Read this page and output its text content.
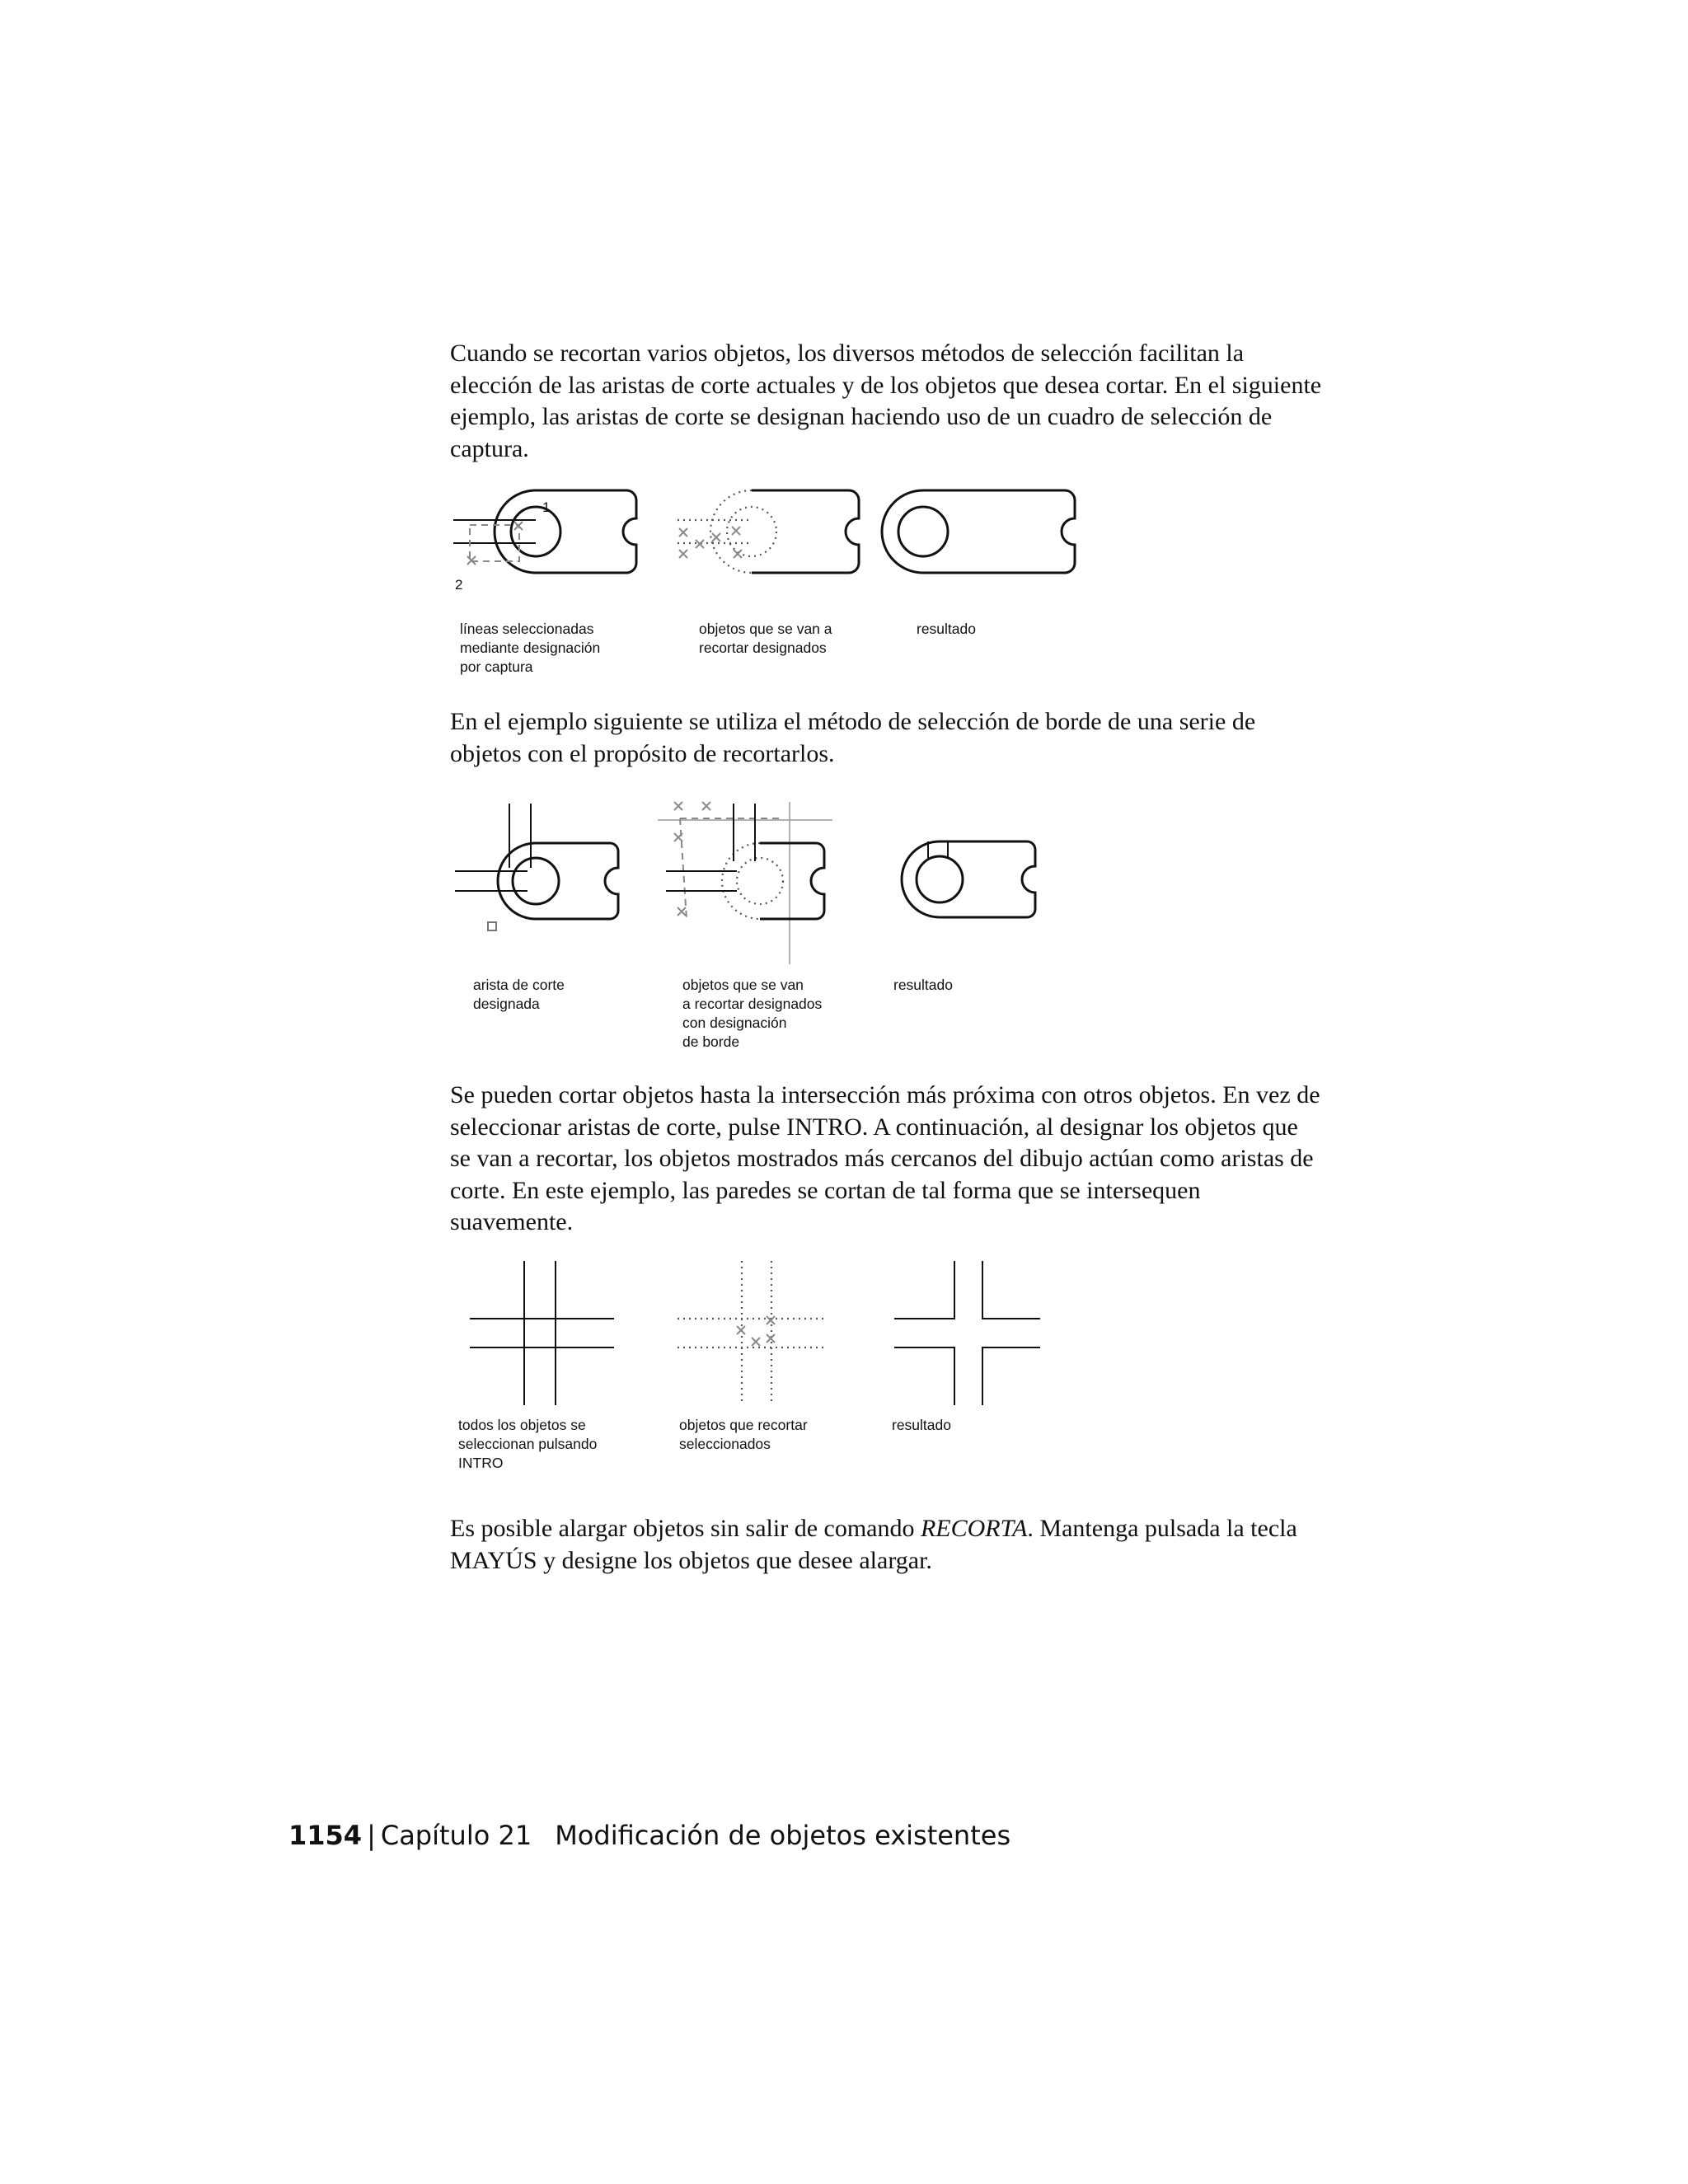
Cuando se recortan varios objetos, los diversos métodos de selección facilitan la elección de las aristas de corte actuales y de los objetos que desea cortar. En el siguiente ejemplo, las aristas de corte se designan haciendo uso de un cuadro de selección de captura.
1
2
líneas seleccionadas
mediante designación
por captura
objetos que se van a
recortar designados
resultado
En el ejemplo siguiente se utiliza el método de selección de borde de una serie de objetos con el propósito de recortarlos.
arista de corte
designada
objetos que se van
a recortar designados
con designación
de borde
resultado
Se pueden cortar objetos hasta la intersección más próxima con otros objetos. En vez de seleccionar aristas de corte, pulse INTRO. A continuación, al designar los objetos que se van a recortar, los objetos mostrados más cercanos del dibujo actúan como aristas de corte. En este ejemplo, las paredes se cortan de tal forma que se intersequen suavemente.
todos los objetos se
seleccionan pulsando
INTRO
objetos que recortar
seleccionados
resultado
Es posible alargar objetos sin salir de comando RECORTA. Mantenga pulsada la tecla MAYÚS y designe los objetos que desee alargar.
1154 | Capítulo 21 Modificación de objetos existentes
